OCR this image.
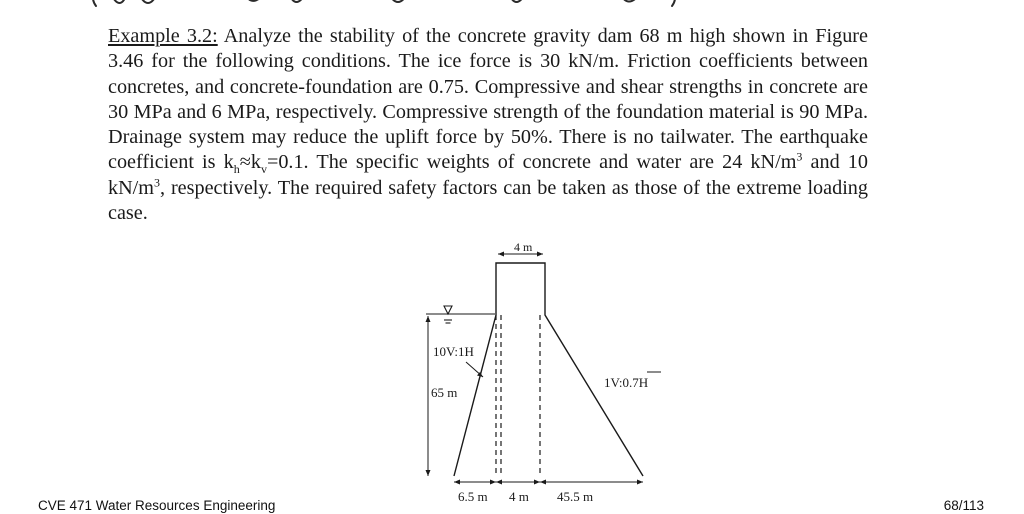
Example 3.2: Analyze the stability of the concrete gravity dam 68 m high shown in Figure 3.46 for the following conditions. The ice force is 30 kN/m. Friction coefficients between concretes, and concrete-foundation are 0.75. Compressive and shear strengths in concrete are 30 MPa and 6 MPa, respectively. Compressive strength of the foundation material is 90 MPa. Drainage system may reduce the uplift force by 50%. There is no tailwater. The earthquake coefficient is $k_h\approx k_v=0.1$. The specific weights of concrete and water are 24 $kN/m^3$ and 10 $kN/m^3$, respectively. The required safety factors can be taken as those of the extreme loading case.
4 m
10V:1H
65 m
1V:0.7H
6.5 m 4 m 45.5 m
CVE 471 Water Resources Engineering	68/113
